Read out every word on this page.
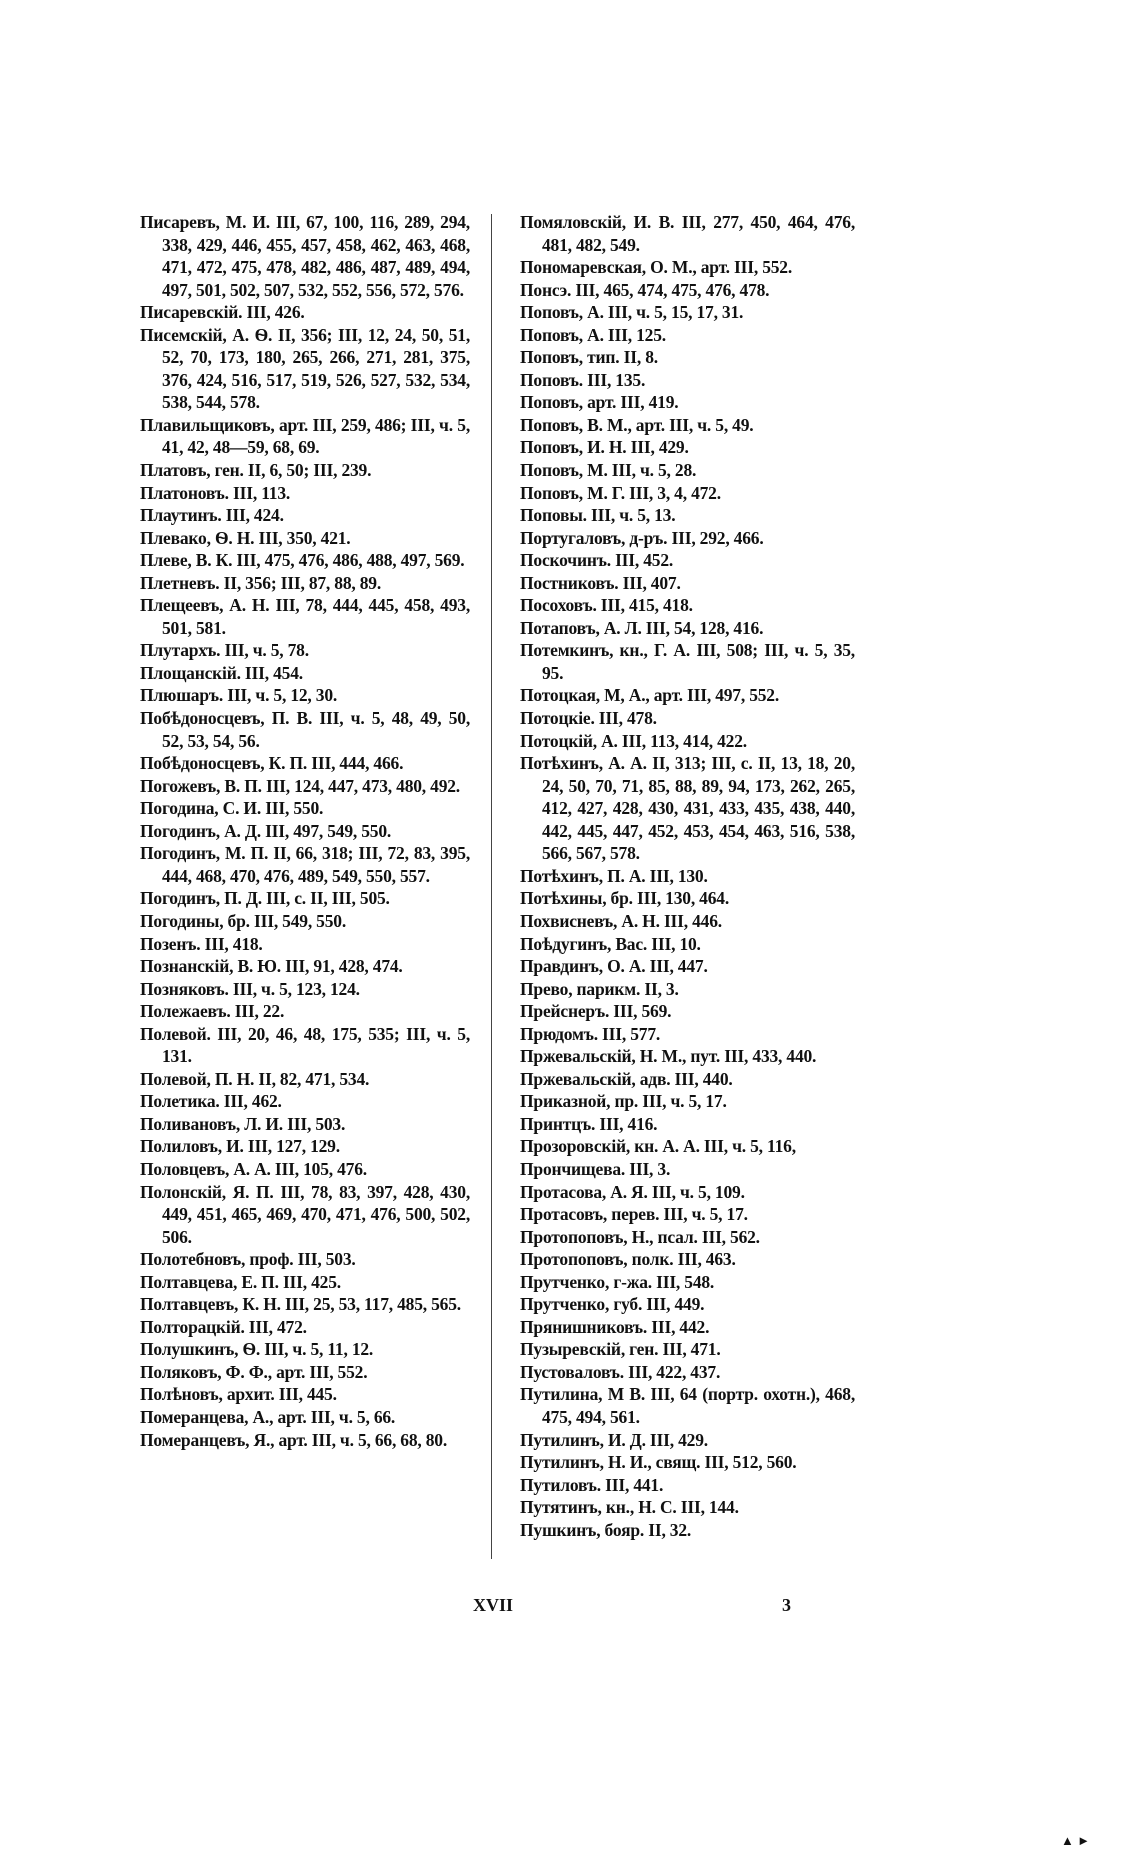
Писаревъ, М. И. III, 67, 100, 116, 289, 294, 338, 429, 446, 455, 457, 458, 462, 463, 468, 471, 472, 475, 478, 482, 486, 487, 489, 494, 497, 501, 502, 507, 532, 552, 556, 572, 576.

Писаревскій. III, 426.

Писемскій, А. Ѳ. II, 356; III, 12, 24, 50, 51, 52, 70, 173, 180, 265, 266, 271, 281, 375, 376, 424, 516, 517, 519, 526, 527, 532, 534, 538, 544, 578.

Плавильщиковъ, арт. III, 259, 486; III, ч. 5, 41, 42, 48—59, 68, 69.

Платовъ, ген. II, 6, 50; III, 239.

Платоновъ. III, 113.

Плаутинъ. III, 424.

Плевако, Ѳ. Н. III, 350, 421.

Плеве, В. К. III, 475, 476, 486, 488, 497, 569.

Плетневъ. II, 356; III, 87, 88, 89.

Плещеевъ, А. Н. III, 78, 444, 445, 458, 493, 501, 581.

Плутархъ. III, ч. 5, 78.

Площанскій. III, 454.

Плюшаръ. III, ч. 5, 12, 30.

Побѣдоносцевъ, П. В. III, ч. 5, 48, 49, 50, 52, 53, 54, 56.

Побѣдоносцевъ, К. П. III, 444, 466.

Погожевъ, В. П. III, 124, 447, 473, 480, 492.

Погодина, С. И. III, 550.

Погодинъ, А. Д. III, 497, 549, 550.

Погодинъ, М. П. II, 66, 318; III, 72, 83, 395, 444, 468, 470, 476, 489, 549, 550, 557.

Погодинъ, П. Д. III, с. II, III, 505.

Погодины, бр. III, 549, 550.

Позенъ. III, 418.

Познанскій, В. Ю. III, 91, 428, 474.

Позняковъ. III, ч. 5, 123, 124.

Полежаевъ. III, 22.

Полевой. III, 20, 46, 48, 175, 535; III, ч. 5, 131.

Полевой, П. Н. II, 82, 471, 534.

Полетика. III, 462.

Поливановъ, Л. И. III, 503.

Полиловъ, И. III, 127, 129.

Половцевъ, А. А. III, 105, 476.

Полонскій, Я. П. III, 78, 83, 397, 428, 430, 449, 451, 465, 469, 470, 471, 476, 500, 502, 506.

Полотебновъ, проф. III, 503.

Полтавцева, Е. П. III, 425.

Полтавцевъ, К. Н. III, 25, 53, 117, 485, 565.

Полторацкій. III, 472.

Полушкинъ, Ѳ. III, ч. 5, 11, 12.

Поляковъ, Ф. Ф., арт. III, 552.

Полѣновъ, архит. III, 445.

Померанцева, А., арт. III, ч. 5, 66.

Померанцевъ, Я., арт. III, ч. 5, 66, 68, 80.

Помяловскій, И. В. III, 277, 450, 464, 476, 481, 482, 549.

Пономаревская, О. М., арт. III, 552.

Понсэ. III, 465, 474, 475, 476, 478.

Поповъ, А. III, ч. 5, 15, 17, 31.

Поповъ, А. III, 125.

Поповъ, тип. II, 8.

Поповъ. III, 135.

Поповъ, арт. III, 419.

Поповъ, В. М., арт. III, ч. 5, 49.

Поповъ, И. Н. III, 429.

Поповъ, М. III, ч. 5, 28.

Поповъ, М. Г. III, 3, 4, 472.

Поповы. III, ч. 5, 13.

Португаловъ, д-ръ. III, 292, 466.

Поскочинъ. III, 452.

Постниковъ. III, 407.

Посоховъ. III, 415, 418.

Потаповъ, А. Л. III, 54, 128, 416.

Потемкинъ, кн., Г. А. III, 508; III, ч. 5, 35, 95.

Потоцкая, М, А., арт. III, 497, 552.

Потоцкіе. III, 478.

Потоцкій, А. III, 113, 414, 422.

Потѣхинъ, А. А. II, 313; III, с. II, 13, 18, 20, 24, 50, 70, 71, 85, 88, 89, 94, 173, 262, 265, 412, 427, 428, 430, 431, 433, 435, 438, 440, 442, 445, 447, 452, 453, 454, 463, 516, 538, 566, 567, 578.

Потѣхинъ, П. А. III, 130.

Потѣхины, бр. III, 130, 464.

Похвисневъ, А. Н. III, 446.

Поѣдугинъ, Вас. III, 10.

Правдинъ, О. А. III, 447.

Прево, парикм. II, 3.

Прейснеръ. III, 569.

Прюдомъ. III, 577.

Пржевальскій, Н. М., пут. III, 433, 440.

Пржевальскій, адв. III, 440.

Приказной, пр. III, ч. 5, 17.

Принтцъ. III, 416.

Прозоровскій, кн. А. А. III, ч. 5, 116,

Прончищева. III, 3.

Протасова, А. Я. III, ч. 5, 109.

Протасовъ, перев. III, ч. 5, 17.

Протопоповъ, Н., псал. III, 562.

Протопоповъ, полк. III, 463.

Прутченко, г-жа. III, 548.

Прутченко, губ. III, 449.

Прянишниковъ. III, 442.

Пузыревскій, ген. III, 471.

Пустоваловъ. III, 422, 437.

Путилина, М В. III, 64 (портр. охотн.), 468, 475, 494, 561.

Путилинъ, И. Д. III, 429.

Путилинъ, Н. И., свящ. III, 512, 560.

Путиловъ. III, 441.

Путятинъ, кн., Н. С. III, 144.

Пушкинъ, бояр. II, 32.

XVII	3
▲ ►
